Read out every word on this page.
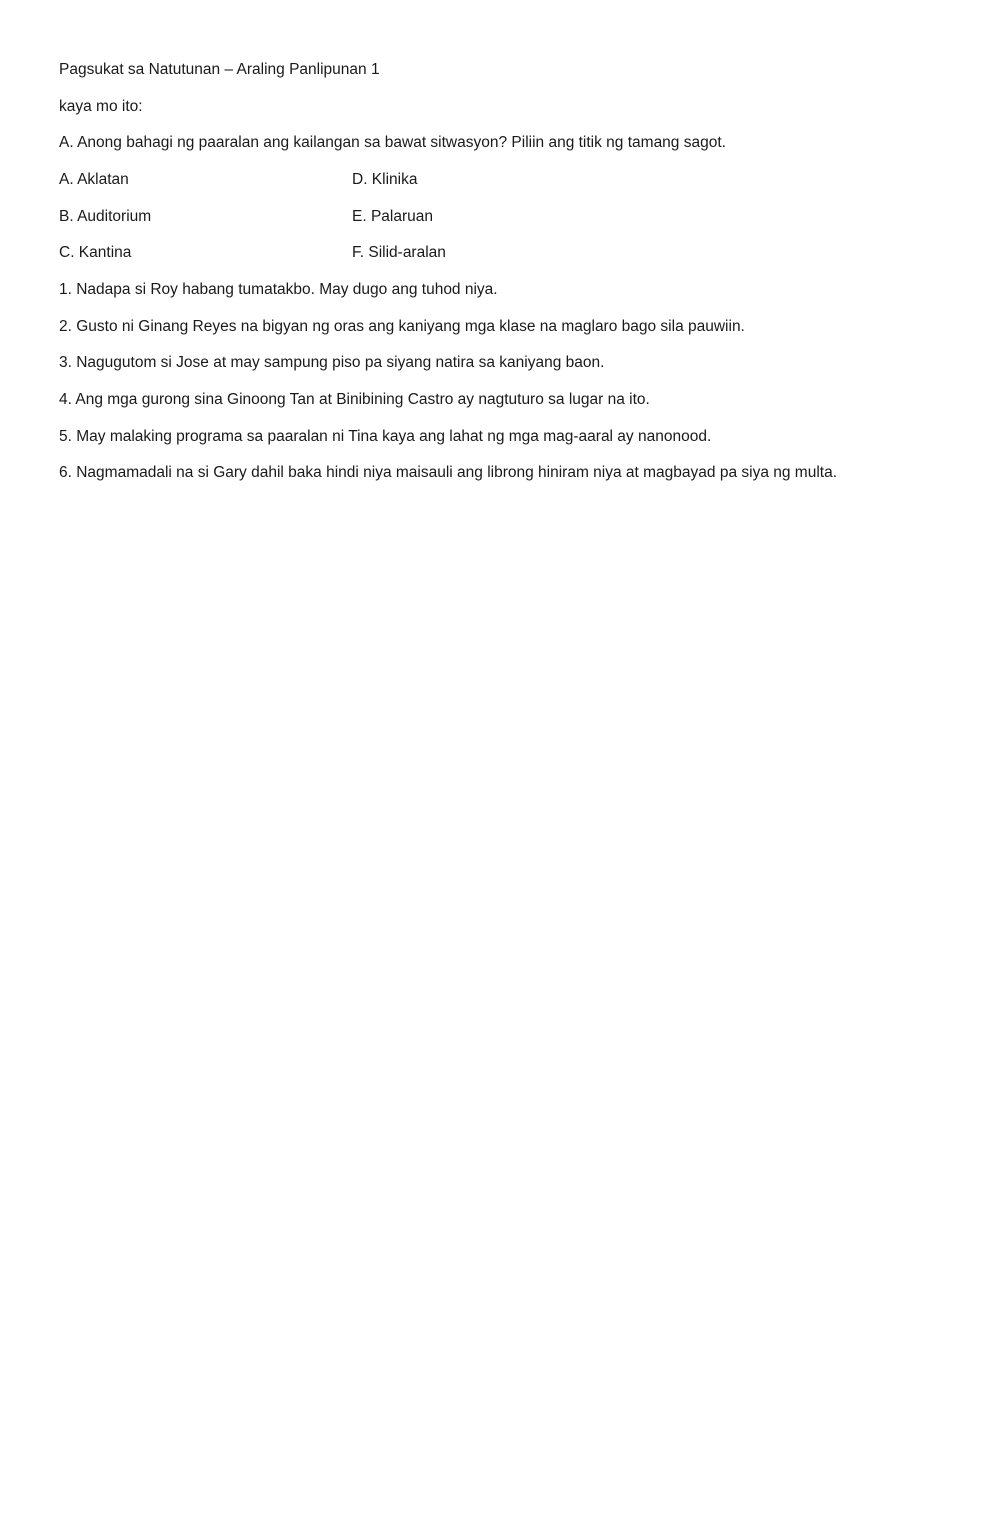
Pagsukat sa Natutunan – Araling Panlipunan 1
kaya mo ito:
A. Anong bahagi ng paaralan ang kailangan sa bawat sitwasyon? Piliin ang titik ng tamang sagot.
A. Aklatan	D. Klinika
B. Auditorium	E. Palaruan
C. Kantina	F. Silid-aralan
1. Nadapa si Roy habang tumatakbo. May dugo ang tuhod niya.
2. Gusto ni Ginang Reyes na bigyan ng oras ang kaniyang mga klase na maglaro bago sila pauwiin.
3. Nagugutom si Jose at may sampung piso pa siyang natira sa kaniyang baon.
4. Ang mga gurong sina Ginoong Tan at Binibining Castro ay nagtuturo sa lugar na ito.
5. May malaking programa sa paaralan ni Tina kaya ang lahat ng mga mag-aaral ay nanonood.
6. Nagmamadali na si Gary dahil baka hindi niya maisauli ang librong hiniram niya at magbayad pa siya ng multa.
